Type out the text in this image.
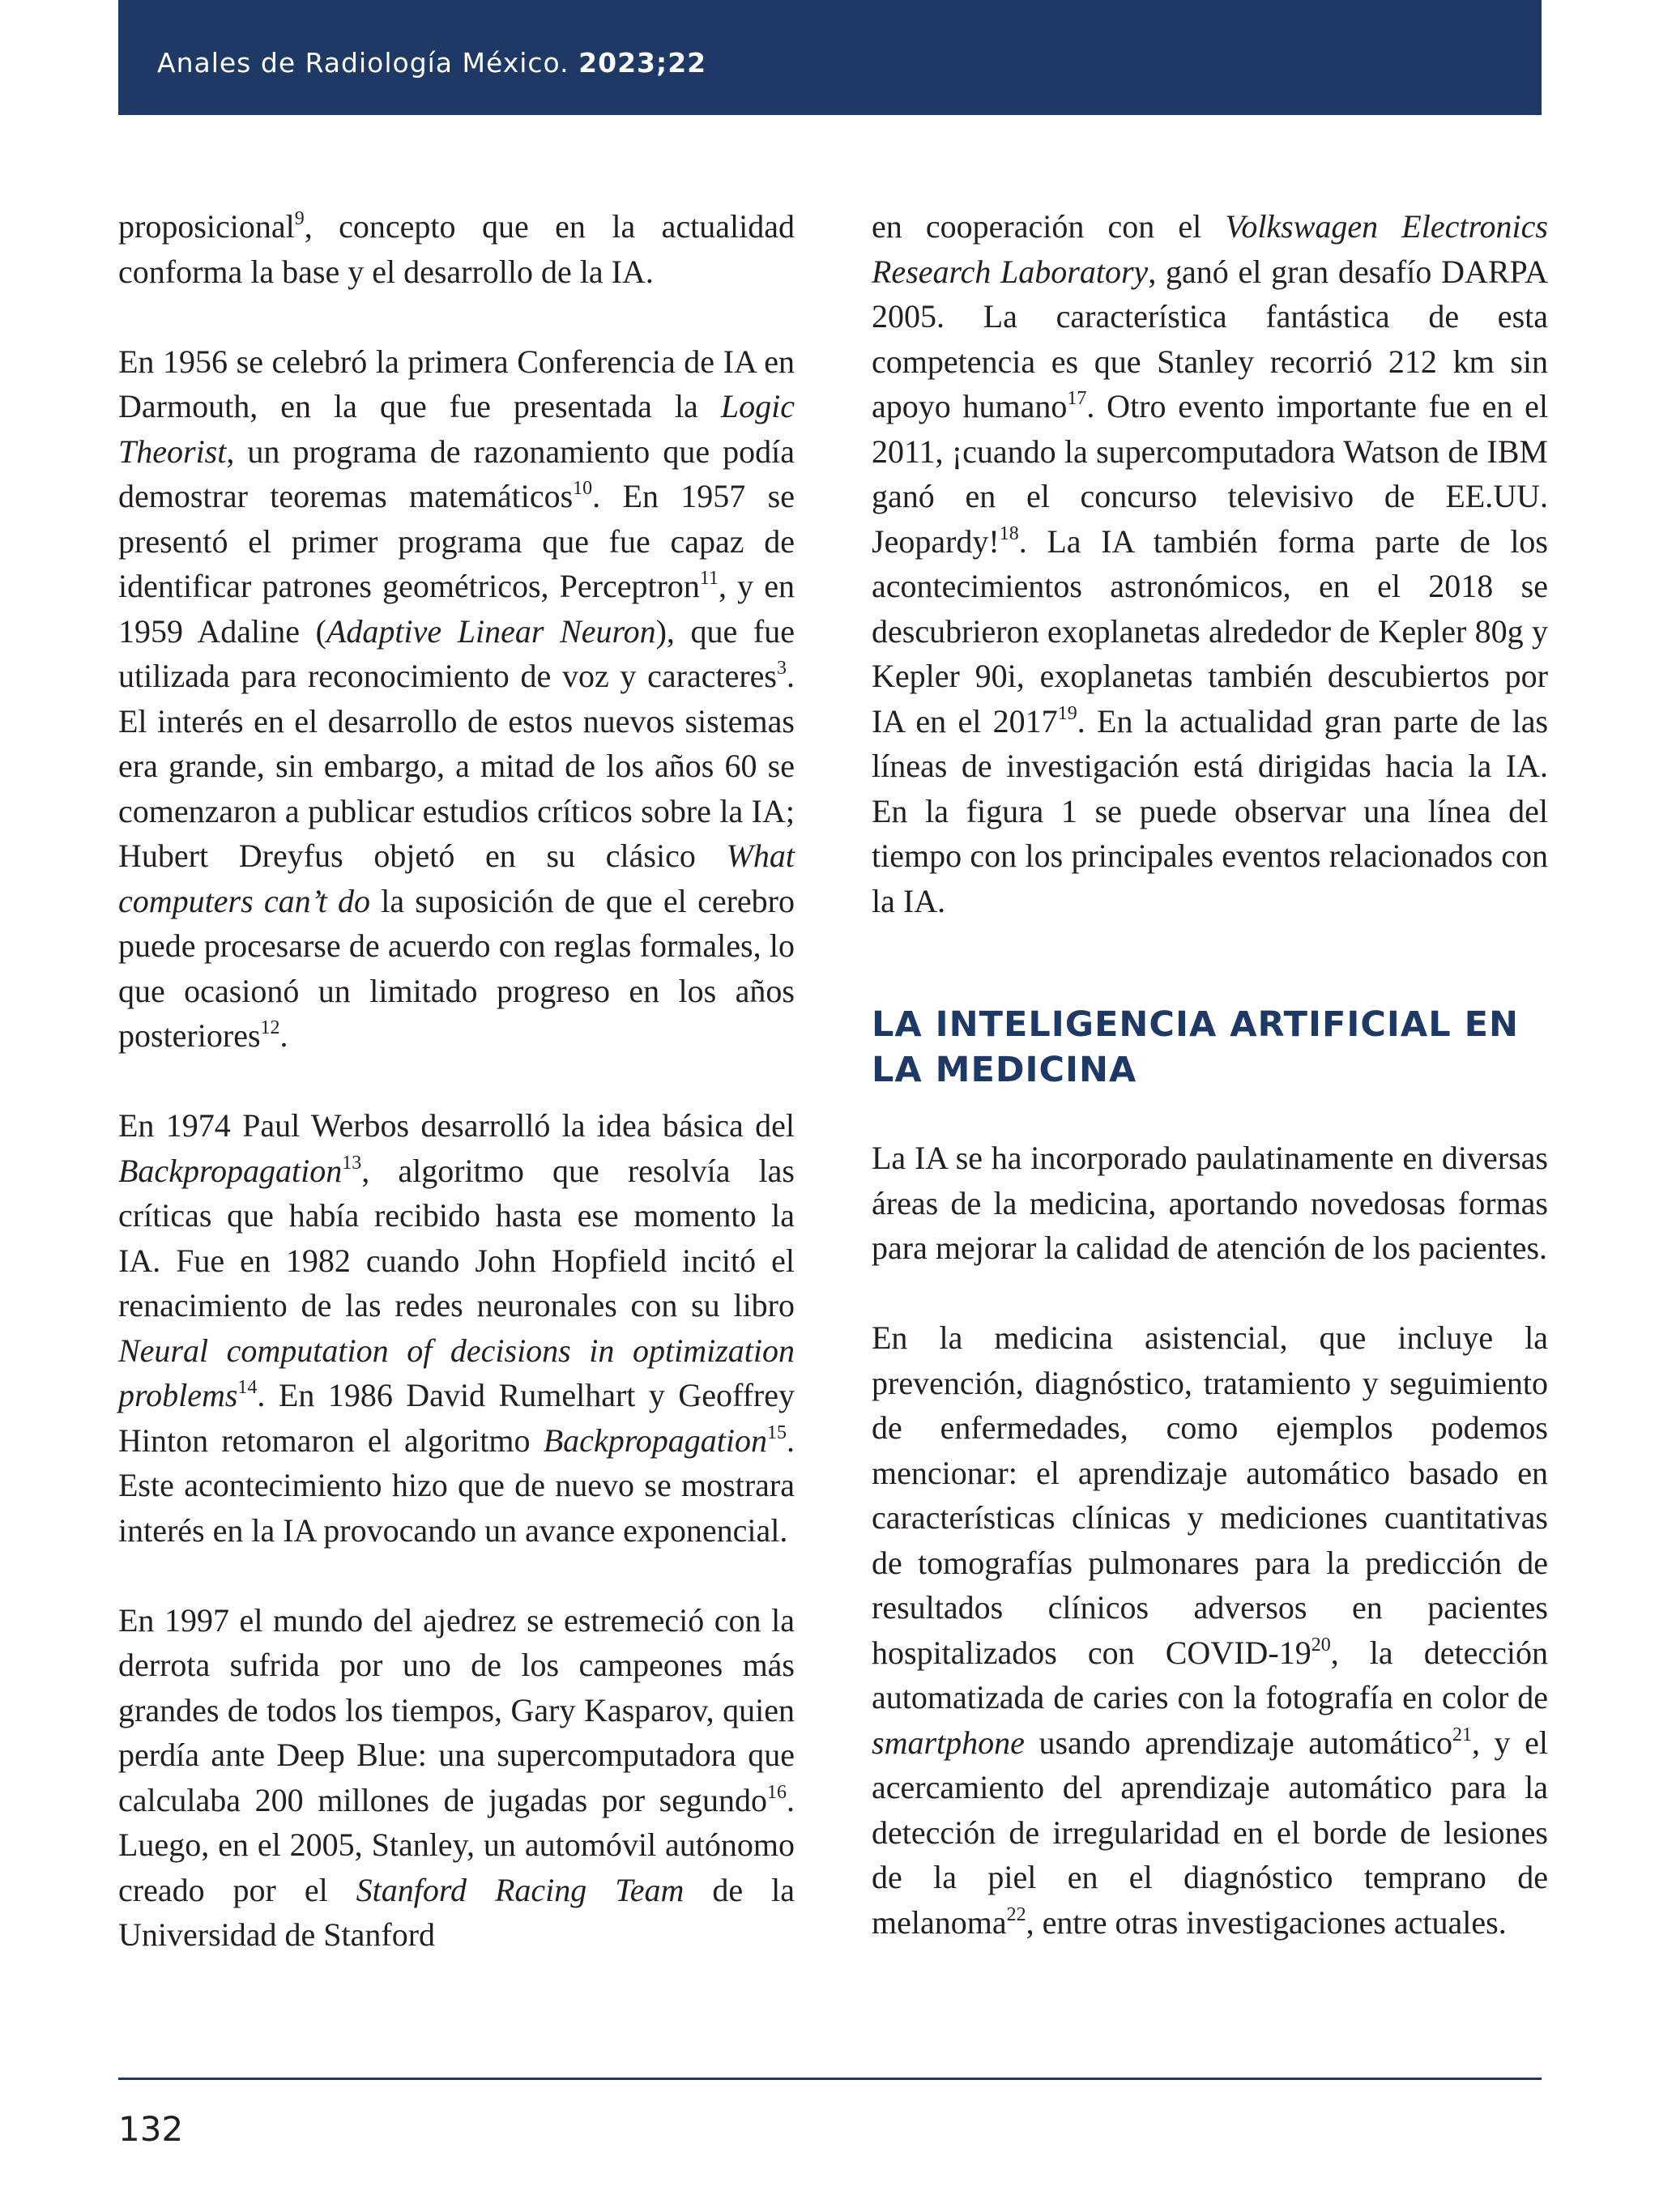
Anales de Radiología México. 2023;22

proposicional$^9$, concepto que en la actualidad conforma la base y el desarrollo de la IA.

En 1956 se celebró la primera Conferencia de IA en Darmouth, en la que fue presentada la Logic Theorist, un programa de razonamiento que podía demostrar teoremas matemáticos$^{10}$. En 1957 se presentó el primer programa que fue capaz de identificar patrones geométricos, Perceptron$^{11}$, y en 1959 Adaline (Adaptive Linear Neuron), que fue utilizada para reconocimiento de voz y caracteres$^3$. El interés en el desarrollo de estos nuevos sistemas era grande, sin embargo, a mitad de los años 60 se comenzaron a publicar estudios críticos sobre la IA; Hubert Dreyfus objetó en su clásico What computers can’t do la suposición de que el cerebro puede procesarse de acuerdo con reglas formales, lo que ocasionó un limitado progreso en los años posteriores$^{12}$.

En 1974 Paul Werbos desarrolló la idea básica del Backpropagation$^{13}$, algoritmo que resolvía las críticas que había recibido hasta ese momento la IA. Fue en 1982 cuando John Hopfield incitó el renacimiento de las redes neuronales con su libro Neural computation of decisions in optimization problems$^{14}$. En 1986 David Rumelhart y Geoffrey Hinton retomaron el algoritmo Backpropagation$^{15}$. Este acontecimiento hizo que de nuevo se mostrara interés en la IA provocando un avance exponencial.

En 1997 el mundo del ajedrez se estremeció con la derrota sufrida por uno de los campeones más grandes de todos los tiempos, Gary Kasparov, quien perdía ante Deep Blue: una supercomputadora que calculaba 200 millones de jugadas por segundo$^{16}$. Luego, en el 2005, Stanley, un automóvil autónomo creado por el Stanford Racing Team de la Universidad de Stanford

en cooperación con el Volkswagen Electronics Research Laboratory, ganó el gran desafío DARPA 2005. La característica fantástica de esta competencia es que Stanley recorrió 212 km sin apoyo humano$^{17}$. Otro evento importante fue en el 2011, ¡cuando la supercomputadora Watson de IBM ganó en el concurso televisivo de EE.UU. Jeopardy!$^{18}$. La IA también forma parte de los acontecimientos astronómicos, en el 2018 se descubrieron exoplanetas alrededor de Kepler 80g y Kepler 90i, exoplanetas también descubiertos por IA en el 2017$^{19}$. En la actualidad gran parte de las líneas de investigación está dirigidas hacia la IA. En la figura 1 se puede observar una línea del tiempo con los principales eventos relacionados con la IA.

LA INTELIGENCIA ARTIFICIAL EN LA MEDICINA

La IA se ha incorporado paulatinamente en diversas áreas de la medicina, aportando novedosas formas para mejorar la calidad de atención de los pacientes.

En la medicina asistencial, que incluye la prevención, diagnóstico, tratamiento y seguimiento de enfermedades, como ejemplos podemos mencionar: el aprendizaje automático basado en características clínicas y mediciones cuantitativas de tomografías pulmonares para la predicción de resultados clínicos adversos en pacientes hospitalizados con COVID-$19^{20}$, la detección automatizada de caries con la fotografía en color de smartphone usando aprendizaje automático$^{21}$, y el acercamiento del aprendizaje automático para la detección de irregularidad en el borde de lesiones de la piel en el diagnóstico temprano de melanoma$^{22}$, entre otras investigaciones actuales.

132
